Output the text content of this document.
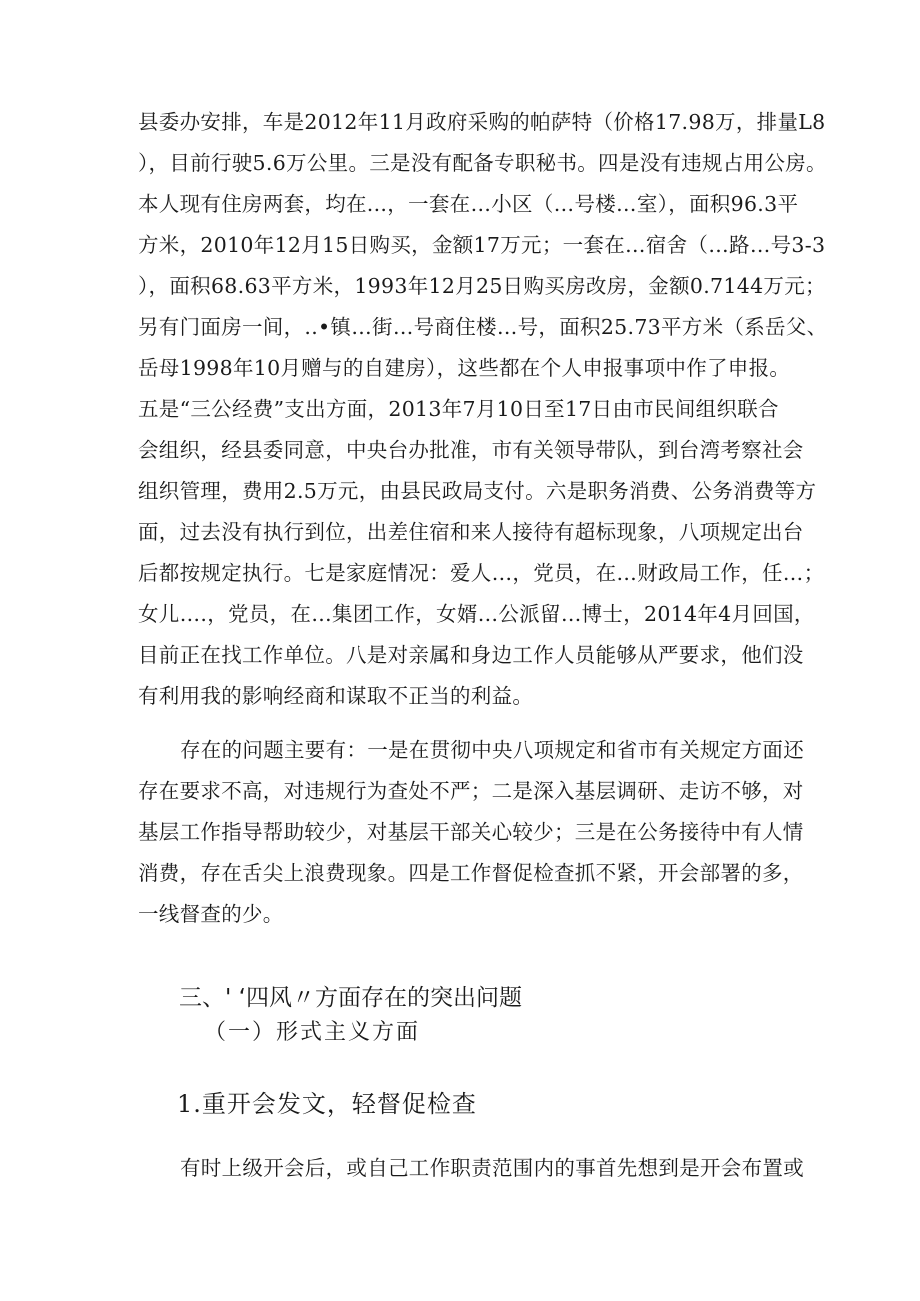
县委办安排，车是2012年11月政府采购的帕萨特（价格17.98万，排量L8
），目前行驶5.6万公里。三是没有配备专职秘书。四是没有违规占用公房。
本人现有住房两套，均在...，一套在…小区（…号楼…室），面积96.3平
方米，2010年12月15日购买，金额17万元；一套在…宿舍（…路…号3-3
），面积68.63平方米，1993年12月25日购买房改房，金额0.7144万元；
另有门面房一间，..•镇…街…号商住楼…号，面积25.73平方米（系岳父、
岳母1998年10月赠与的自建房），这些都在个人申报事项中作了申报。
五是“三公经费”支出方面，2013年7月10日至17日由市民间组织联合
会组织，经县委同意，中央台办批准，市有关领导带队，到台湾考察社会
组织管理，费用2.5万元，由县民政局支付。六是职务消费、公务消费等方
面，过去没有执行到位，出差住宿和来人接待有超标现象，八项规定出台
后都按规定执行。七是家庭情况：爱人…，党员，在…财政局工作，任…；
女儿….，党员，在…集团工作，女婿…公派留…博士，2014年4月回国，
目前正在找工作单位。八是对亲属和身边工作人员能够从严要求，他们没
有利用我的影响经商和谋取不正当的利益。
存在的问题主要有：一是在贯彻中央八项规定和省市有关规定方面还
存在要求不高，对违规行为查处不严；二是深入基层调研、走访不够，对
基层工作指导帮助较少，对基层干部关心较少；三是在公务接待中有人情
消费，存在舌尖上浪费现象。四是工作督促检查抓不紧，开会部署的多，
一线督查的少。
三、' ‘四风〃方面存在的突出问题
（一）形式主义方面
1.重开会发文，轻督促检查
有时上级开会后，或自己工作职责范围内的事首先想到是开会布置或
